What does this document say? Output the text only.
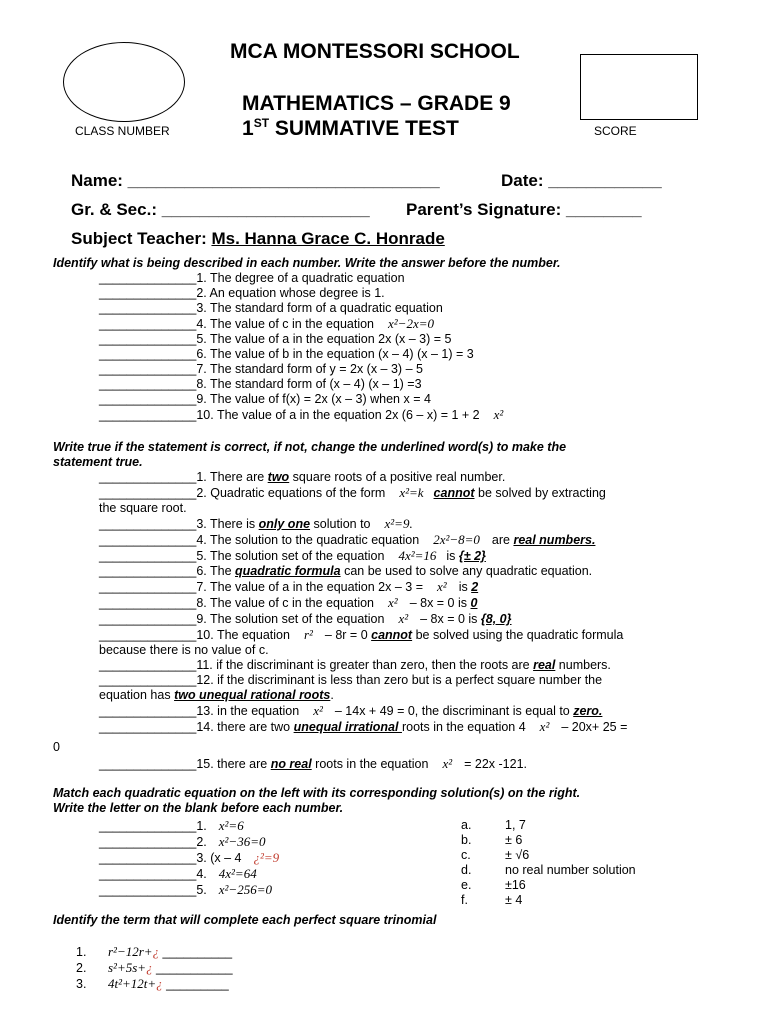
MCA MONTESSORI SCHOOL
MATHEMATICS – GRADE 9
1ST SUMMATIVE TEST
CLASS NUMBER	SCORE
Name: _________________________________	Date: ____________
Gr. & Sec.: ______________________ Parent’s Signature: ________
Subject Teacher: Ms. Hanna Grace C. Honrade
Identify what is being described in each number. Write the answer before the number.
______________1. The degree of a quadratic equation
______________2. An equation whose degree is 1.
______________3. The standard form of a quadratic equation
______________4. The value of c in the equation x²−2x=0
______________5. The value of a in the equation 2x (x – 3) = 5
______________6. The value of b in the equation (x – 4) (x – 1) = 3
______________7. The standard form of y = 2x (x – 3) – 5
______________8. The standard form of (x – 4) (x – 1) =3
______________9. The value of f(x) = 2x (x – 3) when x = 4
______________10. The value of a in the equation 2x (6 – x) = 1 + 2 x²
Write true if the statement is correct, if not, change the underlined word(s) to make the
statement true.
______________1. There are two square roots of a positive real number.
______________2. Quadratic equations of the form x²=k cannot be solved by extracting
the square root.
______________3. There is only one solution to x²=9.
______________4. The solution to the quadratic equation 2x²−8=0 are real numbers.
______________5. The solution set of the equation 4x²=16 is {± 2}
______________6. The quadratic formula can be used to solve any quadratic equation.
______________7. The value of a in the equation 2x – 3 = x² is 2
______________8. The value of c in the equation x² – 8x = 0 is 0
______________9. The solution set of the equation x² – 8x = 0 is {8, 0}
______________10. The equation r² – 8r = 0 cannot be solved using the quadratic formula
because there is no value of c.
______________11. if the discriminant is greater than zero, then the roots are real numbers.
______________12. if the discriminant is less than zero but is a perfect square number the
equation has two unequal rational roots.
______________13. in the equation x² – 14x + 49 = 0, the discriminant is equal to zero.
______________14. there are two unequal irrational roots in the equation 4 x² – 20x+ 25 =
0
______________15. there are no real roots in the equation x² = 22x -121.
Match each quadratic equation on the left with its corresponding solution(s) on the right.
Write the letter on the blank before each number.
______________1. x²=6
______________2. x²−36=0
______________3. (x – 4 ¿²=9
______________4. 4x²=64
______________5. x²−256=0
a.	1, 7
b.	± 6
c.	± √6
d.	no real number solution
e.	±16
f.	± 4
Identify the term that will complete each perfect square trinomial
1. r²−12r+¿ __________
2. s²+5s+¿ ___________
3. 4t²+12t+¿ _________
